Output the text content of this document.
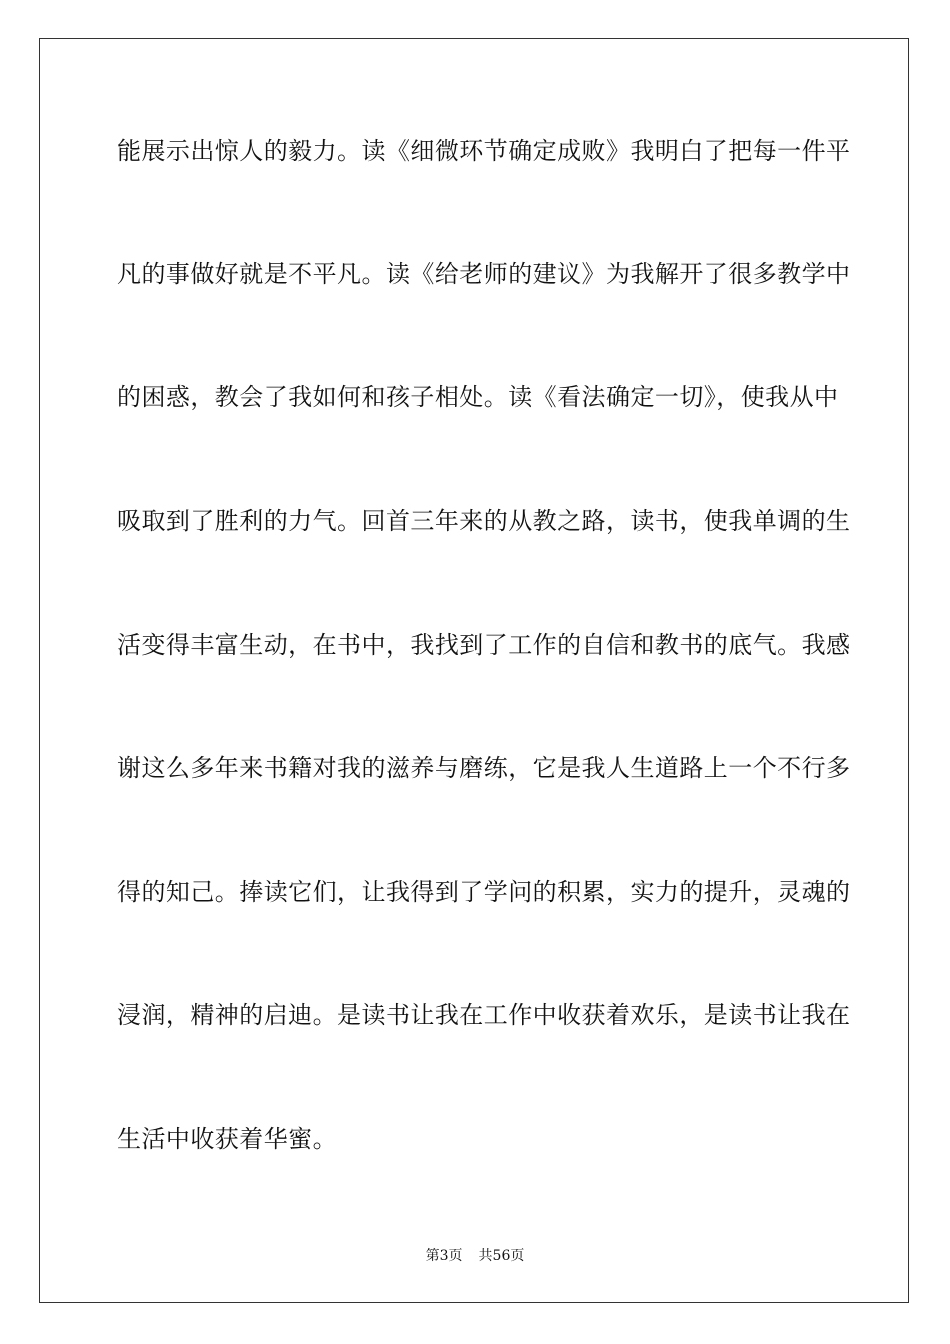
能展示出惊人的毅力。读《细微环节确定成败》我明白了把每一件平
凡的事做好就是不平凡。读《给老师的建议》为我解开了很多教学中
的困惑，教会了我如何和孩子相处。读《看法确定一切》，使我从中
吸取到了胜利的力气。回首三年来的从教之路，读书，使我单调的生
活变得丰富生动，在书中，我找到了工作的自信和教书的底气。我感
谢这么多年来书籍对我的滋养与磨练，它是我人生道路上一个不行多
得的知己。捧读它们，让我得到了学问的积累，实力的提升，灵魂的
浸润，精神的启迪。是读书让我在工作中收获着欢乐，是读书让我在
生活中收获着华蜜。
第3页 共56页
